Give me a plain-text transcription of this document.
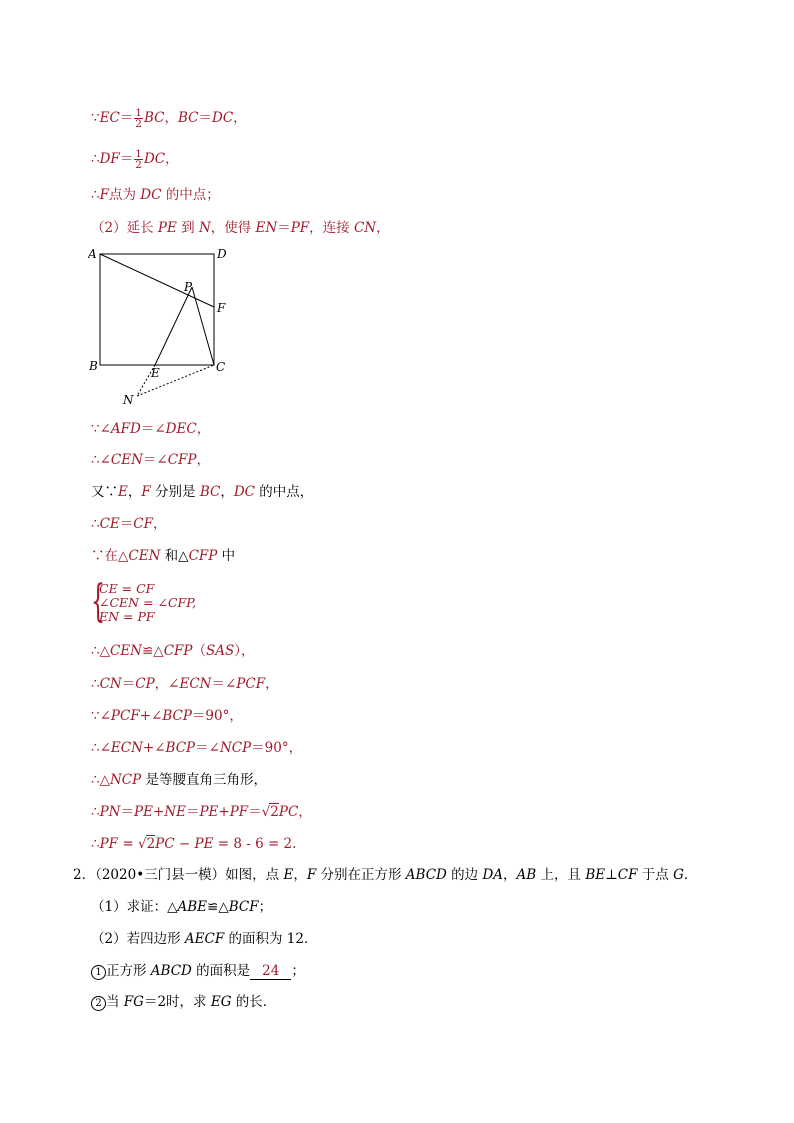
∵EC＝ $\frac{1}{2}$ BC，BC＝DC，
∴DF＝ $\frac{1}{2}$ DC，
∴F点为 DC 的中点；
（2）延长 PE 到 N，使得 EN＝PF，连接 CN，
A	D
P
F
B	C
E
N
∵∠AFD＝∠DEC，
∴∠CEN＝∠CFP，
又∵E，F 分别是 BC，DC 的中点，
∴CE＝CF，
∵在△CEN 和△CFP 中
{
CE = CF
∠CEN = ∠CFP,
EN = PF
∴△CEN≌△CFP（SAS），
∴CN＝CP，∠ECN＝∠PCF，
∵∠PCF+∠BCP＝90°，
∴∠ECN+∠BCP＝∠NCP＝90°，
∴△NCP 是等腰直角三角形，
∴PN＝PE+NE＝PE+PF＝√2PC，
∴PF = √2PC − PE = 8 - 6 = 2.
2．（2020•三门县一模）如图，点 E，F 分别在正方形 ABCD 的边 DA，AB 上，且 BE⊥CF 于点 G．
（1）求证：△ABE≌△BCF；
（2）若四边形 AECF 的面积为 12．
1 正方形 ABCD 的面积是 24 ；
2 当 FG＝2时，求 EG 的长．
